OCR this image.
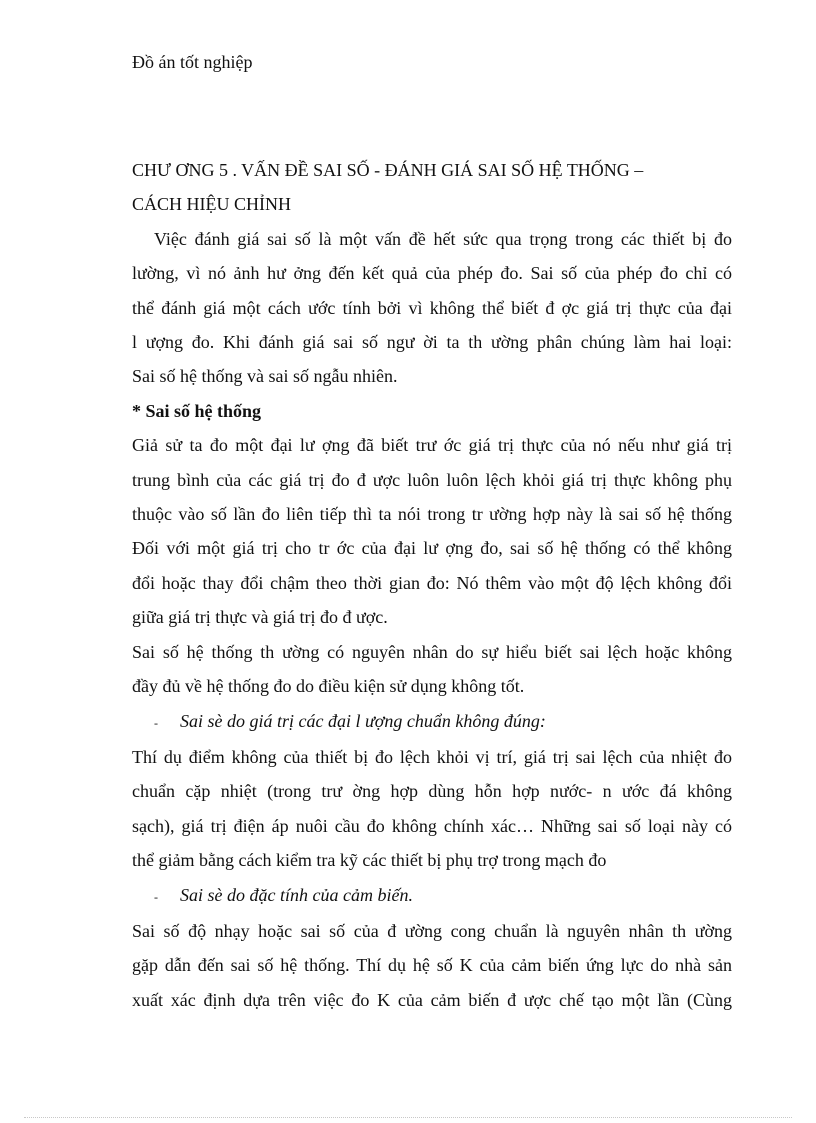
Đồ án tốt nghiệp

CHƯ ƠNG 5 . VẤN ĐỀ SAI SỐ - ĐÁNH GIÁ SAI SỐ HỆ THỐNG –

CÁCH HIỆU CHỈNH

Việc đánh giá sai số là một vấn đề hết sức qua trọng trong các thiết bị đo

lường, vì nó ảnh hư ởng đến kết quả của phép đo. Sai số của phép đo chỉ có

thể đánh giá một cách ước tính bởi vì không thể biết đ ợc giá trị thực của đại

l ượng đo. Khi đánh giá sai số ngư ời ta th ường phân chúng làm hai loại:

Sai số hệ thống và sai số ngẫu nhiên.

* Sai số hệ thống

Giả sử ta đo một đại lư ợng đã biết trư ớc giá trị thực của nó nếu như giá trị

trung bình của các giá trị đo đ ược luôn luôn lệch khỏi giá trị thực không phụ

thuộc vào số lần đo liên tiếp thì ta nói trong tr ường hợp này là sai số hệ thống

Đối với một giá trị cho tr ớc của đại lư ợng đo, sai số hệ thống có thể không

đổi hoặc thay đổi chậm theo thời gian đo: Nó thêm vào một độ lệch không đổi

giữa giá trị thực và giá trị đo đ ược.

Sai số hệ thống th ường có nguyên nhân do sự hiểu biết sai lệch hoặc không

đầy đủ về hệ thống đo do điều kiện sử dụng không tốt.

- Sai sè do giá trị các đại l ượng chuẩn không đúng:

Thí dụ điểm không của thiết bị đo lệch khỏi vị trí, giá trị sai lệch của nhiệt đo

chuẩn cặp nhiệt (trong trư ờng hợp dùng hỗn hợp nước- n ước đá không

sạch), giá trị điện áp nuôi cầu đo không chính xác… Những sai số loại này có

thể giảm bằng cách kiểm tra kỹ các thiết bị phụ trợ trong mạch đo

- Sai sè do đặc tính của cảm biến.

Sai số độ nhạy hoặc sai số của đ ường cong chuẩn là nguyên nhân th ường

gặp dẫn đến sai số hệ thống. Thí dụ hệ số K của cảm biến ứng lực do nhà sản

xuất xác định dựa trên việc đo K của cảm biến đ ược chế tạo một lần (Cùng
